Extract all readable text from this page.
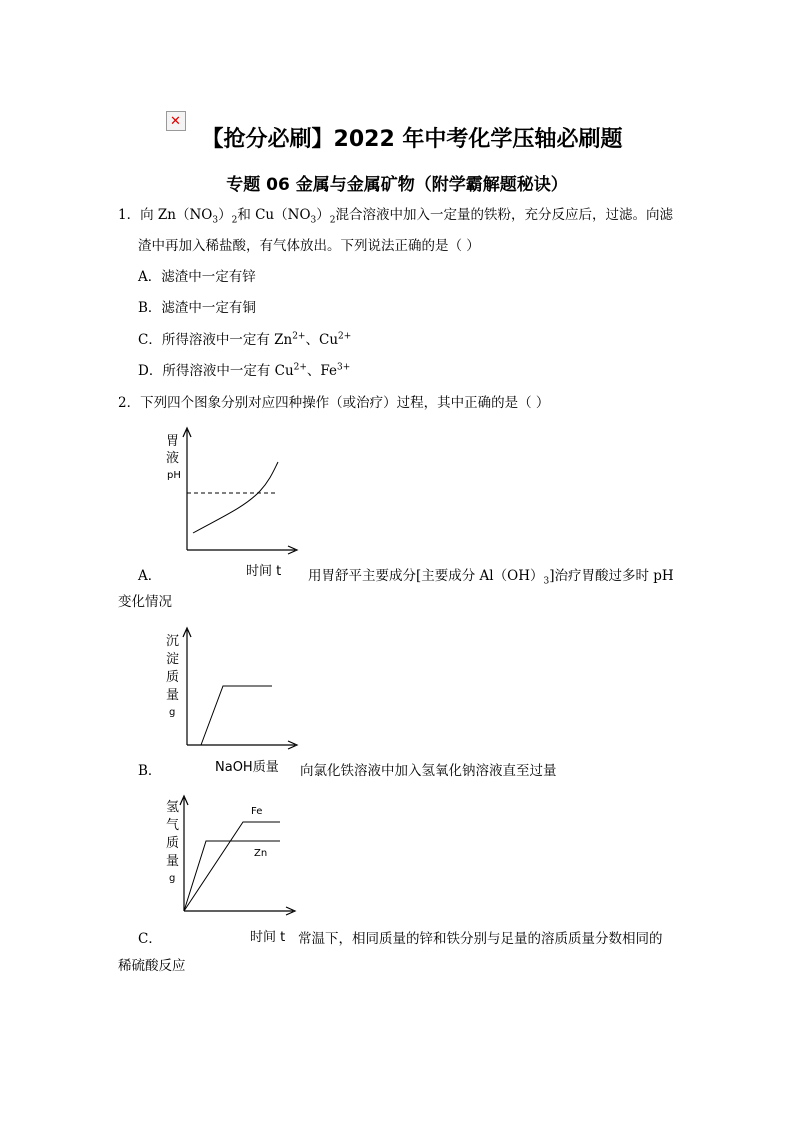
✕
【抢分必刷】2022 年中考化学压轴必刷题
专题 06 金属与金属矿物（附学霸解题秘诀）
1．向 $Zn(NO_3)_2$和 $Cu(NO_3)_2$混合溶液中加入一定量的铁粉，充分反应后，过滤。向滤
渣中再加入稀盐酸，有气体放出。下列说法正确的是（ ）
A．滤渣中一定有锌
B．滤渣中一定有铜
C．所得溶液中一定有 $Zn^{2+}$、$Cu^{2+}$
D．所得溶液中一定有 $Cu^{2+}$、$Fe^{3+}$
2．下列四个图象分别对应四种操作（或治疗）过程，其中正确的是（ ）
胃
液
pH
时间 t
A．	用胃舒平主要成分[主要成分 $Al(OH)_3$]治疗胃酸过多时 pH
变化情况
沉
淀
质
量
g
NaOH质量
B．	向氯化铁溶液中加入氢氧化钠溶液直至过量
氢
气
质
量
g
Fe
Zn
时间 t
C．	常温下，相同质量的锌和铁分别与足量的溶质质量分数相同的
稀硫酸反应
